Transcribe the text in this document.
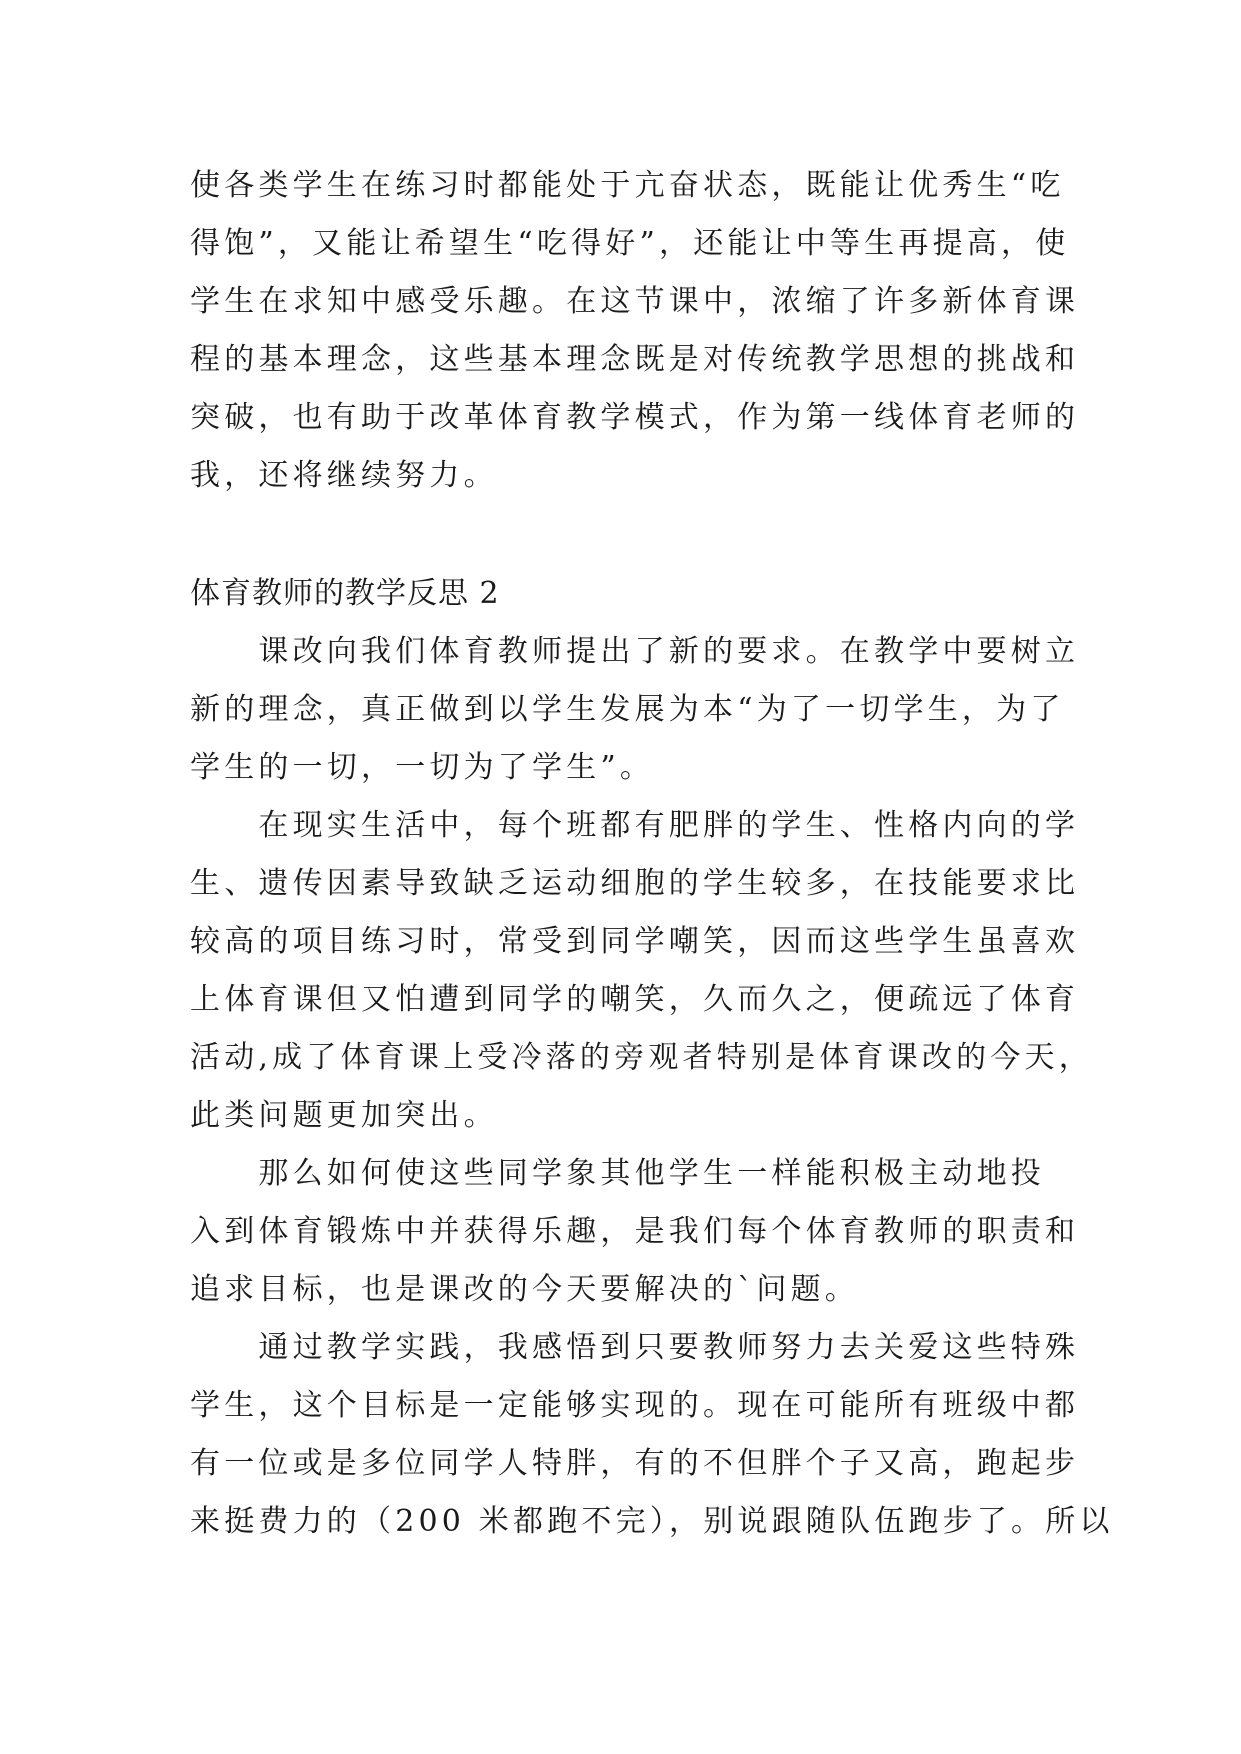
使各类学生在练习时都能处于亢奋状态，既能让优秀生“吃
得饱”，又能让希望生“吃得好”，还能让中等生再提高，使
学生在求知中感受乐趣。在这节课中，浓缩了许多新体育课
程的基本理念，这些基本理念既是对传统教学思想的挑战和
突破，也有助于改革体育教学模式，作为第一线体育老师的
我，还将继续努力。
体育教师的教学反思 2
　　课改向我们体育教师提出了新的要求。在教学中要树立
新的理念，真正做到以学生发展为本“为了一切学生，为了
学生的一切，一切为了学生”。
　　在现实生活中，每个班都有肥胖的学生、性格内向的学
生、遗传因素导致缺乏运动细胞的学生较多，在技能要求比
较高的项目练习时，常受到同学嘲笑，因而这些学生虽喜欢
上体育课但又怕遭到同学的嘲笑，久而久之，便疏远了体育
活动,成了体育课上受冷落的旁观者特别是体育课改的今天，
此类问题更加突出。
　　那么如何使这些同学象其他学生一样能积极主动地投
入到体育锻炼中并获得乐趣，是我们每个体育教师的职责和
追求目标，也是课改的今天要解决的`问题。
　　通过教学实践，我感悟到只要教师努力去关爱这些特殊
学生，这个目标是一定能够实现的。现在可能所有班级中都
有一位或是多位同学人特胖，有的不但胖个子又高，跑起步
来挺费力的（200 米都跑不完），别说跟随队伍跑步了。所以
